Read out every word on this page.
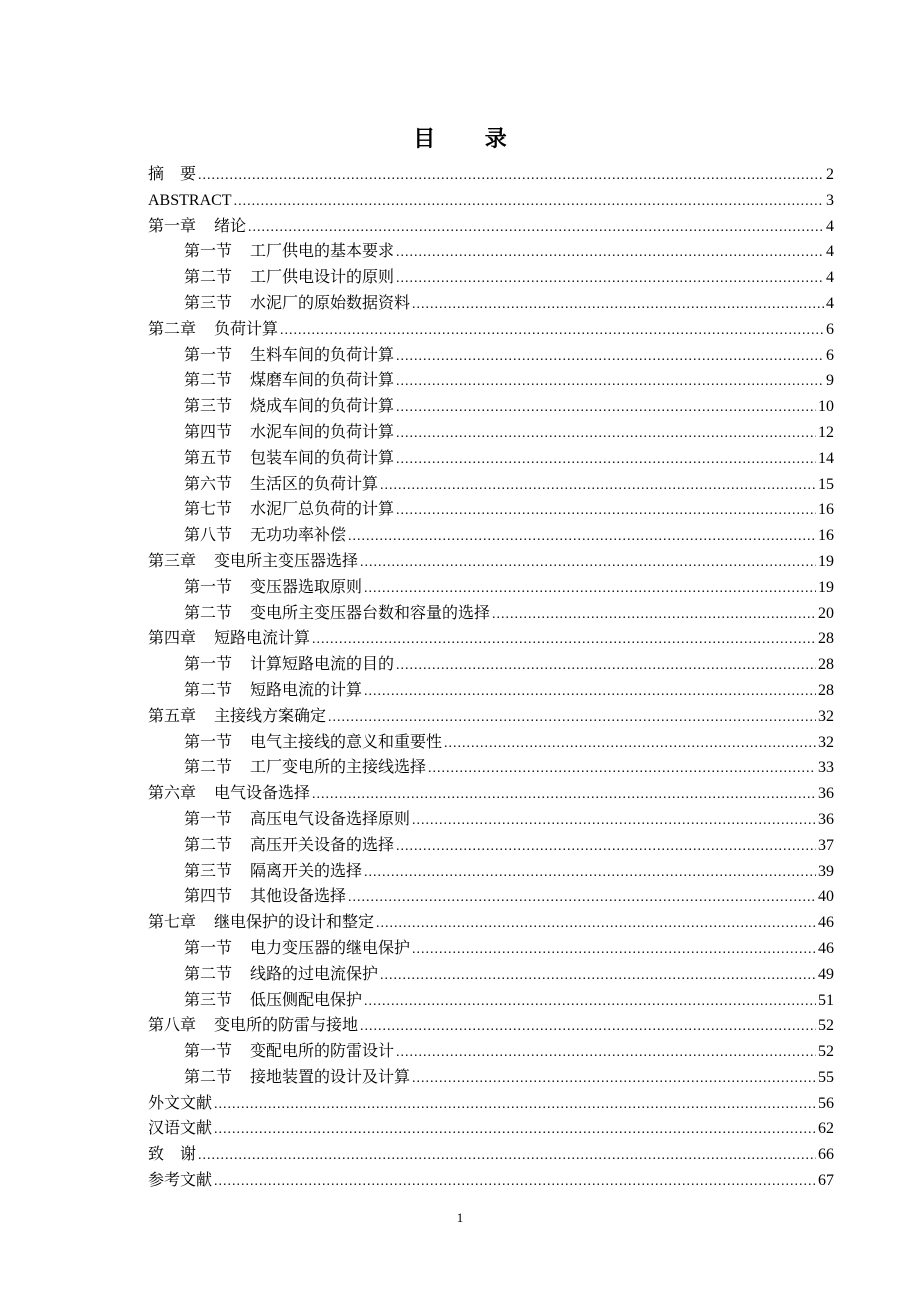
目 录
摘　要 .....	2
ABSTRACT .....	3
第一章 绪论 .....	4
第一节 工厂供电的基本要求 .....	4
第二节 工厂供电设计的原则 .....	4
第三节 水泥厂的原始数据资料 .....	4
第二章 负荷计算 .....	6
第一节 生料车间的负荷计算 .....	6
第二节 煤磨车间的负荷计算 .....	9
第三节 烧成车间的负荷计算 .....	10
第四节 水泥车间的负荷计算 .....	12
第五节 包装车间的负荷计算 .....	14
第六节 生活区的负荷计算 .....	15
第七节 水泥厂总负荷的计算 .....	16
第八节 无功功率补偿 .....	16
第三章 变电所主变压器选择 .....	19
第一节 变压器选取原则 .....	19
第二节 变电所主变压器台数和容量的选择 .....	20
第四章 短路电流计算 .....	28
第一节 计算短路电流的目的 .....	28
第二节 短路电流的计算 .....	28
第五章 主接线方案确定 .....	32
第一节 电气主接线的意义和重要性 .....	32
第二节 工厂变电所的主接线选择 .....	33
第六章 电气设备选择 .....	36
第一节 高压电气设备选择原则 .....	36
第二节 高压开关设备的选择 .....	37
第三节 隔离开关的选择 .....	39
第四节 其他设备选择 .....	40
第七章 继电保护的设计和整定 .....	46
第一节 电力变压器的继电保护 .....	46
第二节 线路的过电流保护 .....	49
第三节 低压侧配电保护 .....	51
第八章 变电所的防雷与接地 .....	52
第一节 变配电所的防雷设计 .....	52
第二节 接地装置的设计及计算 .....	55
外文文献 .....	56
汉语文献 .....	62
致　谢 .....	66
参考文献 .....	67
1
